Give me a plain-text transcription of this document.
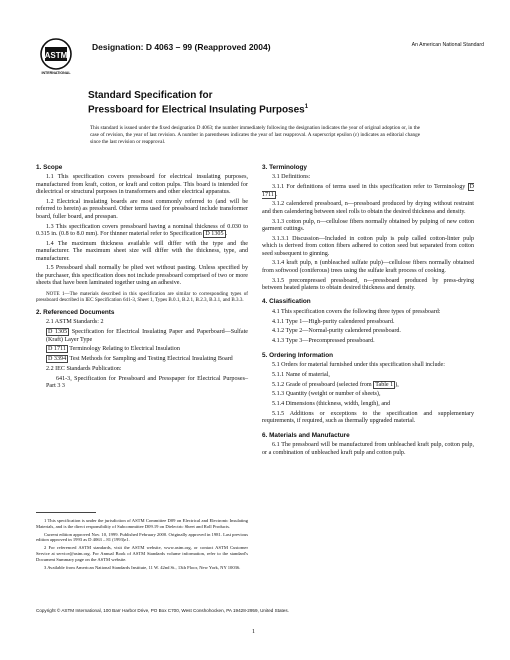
ASTM
INTERNATIONAL
Designation: D 4063 – 99 (Reapproved 2004)	An American National Standard
Standard Specification for
Pressboard for Electrical Insulating Purposes$^1$
This standard is issued under the fixed designation D 4063; the number immediately following the designation indicates the year of original adoption or, in the case of revision, the year of last revision. A number in parentheses indicates the year of last reapproval. A superscript epsilon (ε) indicates an editorial change since the last revision or reapproval.
1. Scope

1.1 This specification covers pressboard for electrical insulating purposes, manufactured from kraft, cotton, or kraft and cotton pulps. This board is intended for dielectrical or structural purposes in transformers and other electrical apparatus.

1.2 Electrical insulating boards are most commonly referred to (and will be referred to herein) as pressboard. Other terms used for pressboard include transformer board, fuller board, and presspan.

1.3 This specification covers pressboard having a nominal thickness of 0.030 to 0.315 in. (0.8 to 8.0 mm). For thinner material refer to Specification D 1305 .

1.4 The maximum thickness available will differ with the type and the manufacturer. The maximum sheet size will differ with the thickness, type, and manufacturer.

1.5 Pressboard shall normally be plied wet without pasting. Unless specified by the purchaser, this specification does not include pressboard comprised of two or more sheets that have been laminated together using an adhesive.

NOTE 1—The materials described in this specification are similar to corresponding types of pressboard described in IEC Specification 641-3, Sheet 1, Types B.0.1, B.2.1, B.2.3, B.3.1, and B.3.3.

2. Referenced Documents

2.1 ASTM Standards: 2

D 1305 Specification for Electrical Insulating Paper and Paperboard—Sulfate (Kraft) Layer Type

D 1711 Terminology Relating to Electrical Insulation

D 3394 Test Methods for Sampling and Testing Electrical Insulating Board

2.2 IEC Standards Publication:

641-3, Specification for Pressboard and Presspaper for Electrical Purposes–Part 3 3

3. Terminology

3.1 Definitions:

3.1.1 For definitions of terms used in this specification refer to Terminology D 1711 .

3.1.2 calendered pressboard, n—pressboard produced by drying without restraint and then calendering between steel rolls to obtain the desired thickness and density.

3.1.3 cotton pulp, n—cellulose fibers normally obtained by pulping of new cotton garment cuttings.

3.1.3.1 Discussion—Included in cotton pulp is pulp called cotton-linter pulp which is derived from cotton fibers adhered to cotton seed but separated from cotton seed subsequent to ginning.

3.1.4 kraft pulp, n (unbleached sulfate pulp)—cellulose fibers normally obtained from softwood (coniferous) trees using the sulfate kraft process of cooking.

3.1.5 precompressed pressboard, n—pressboard produced by press-drying between heated platens to obtain desired thickness and density.

4. Classification

4.1 This specification covers the following three types of pressboard:

4.1.1 Type 1—High-purity calendered pressboard.

4.1.2 Type 2—Normal-purity calendered pressboard.

4.1.3 Type 3—Precompressed pressboard.

5. Ordering Information

5.1 Orders for material furnished under this specification shall include:

5.1.1 Name of material,

5.1.2 Grade of pressboard (selected from Table 1 ),

5.1.3 Quantity (weight or number of sheets),

5.1.4 Dimensions (thickness, width, length), and

5.1.5 Additions or exceptions to the specification and supplementary requirements, if required, such as thermally upgraded material.

6. Materials and Manufacture

6.1 The pressboard will be manufactured from unbleached kraft pulp, cotton pulp, or a combination of unbleached kraft pulp and cotton pulp.

1 This specification is under the jurisdiction of ASTM Committee D09 on Electrical and Electronic Insulating Materials, and is the direct responsibility of Subcommittee D09.19 on Dielectric Sheet and Roll Products.

Current edition approved Nov. 10, 1999. Published February 2000. Originally approved in 1981. Last previous edition approved in 1993 as D 4063 – 81 (1993)ε1.

2 For referenced ASTM standards, visit the ASTM website, www.astm.org, or contact ASTM Customer Service at service@astm.org. For Annual Book of ASTM Standards volume information, refer to the standard's Document Summary page on the ASTM website.

3 Available from American National Standards Institute, 11 W. 42nd St., 13th Floor, New York, NY 10036.

Copyright © ASTM International, 100 Barr Harbor Drive, PO Box C700, West Conshohocken, PA 19428-2959, United States.
1
